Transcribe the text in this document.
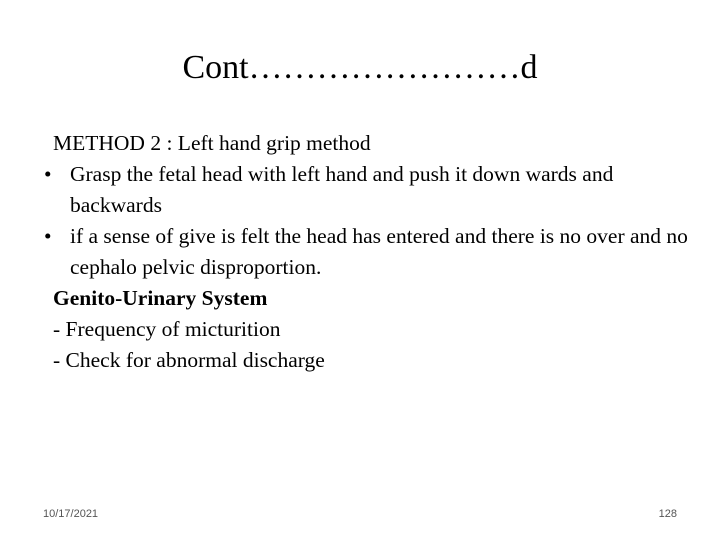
Cont……………………d

METHOD 2 : Left hand grip method

• Grasp the fetal head with left hand and push it down wards and backwards
• if a sense of give is felt the head has entered and there is no over and no cephalo pelvic disproportion.

Genito-Urinary System

- Frequency of micturition

- Check for abnormal discharge

10/17/2021	128
